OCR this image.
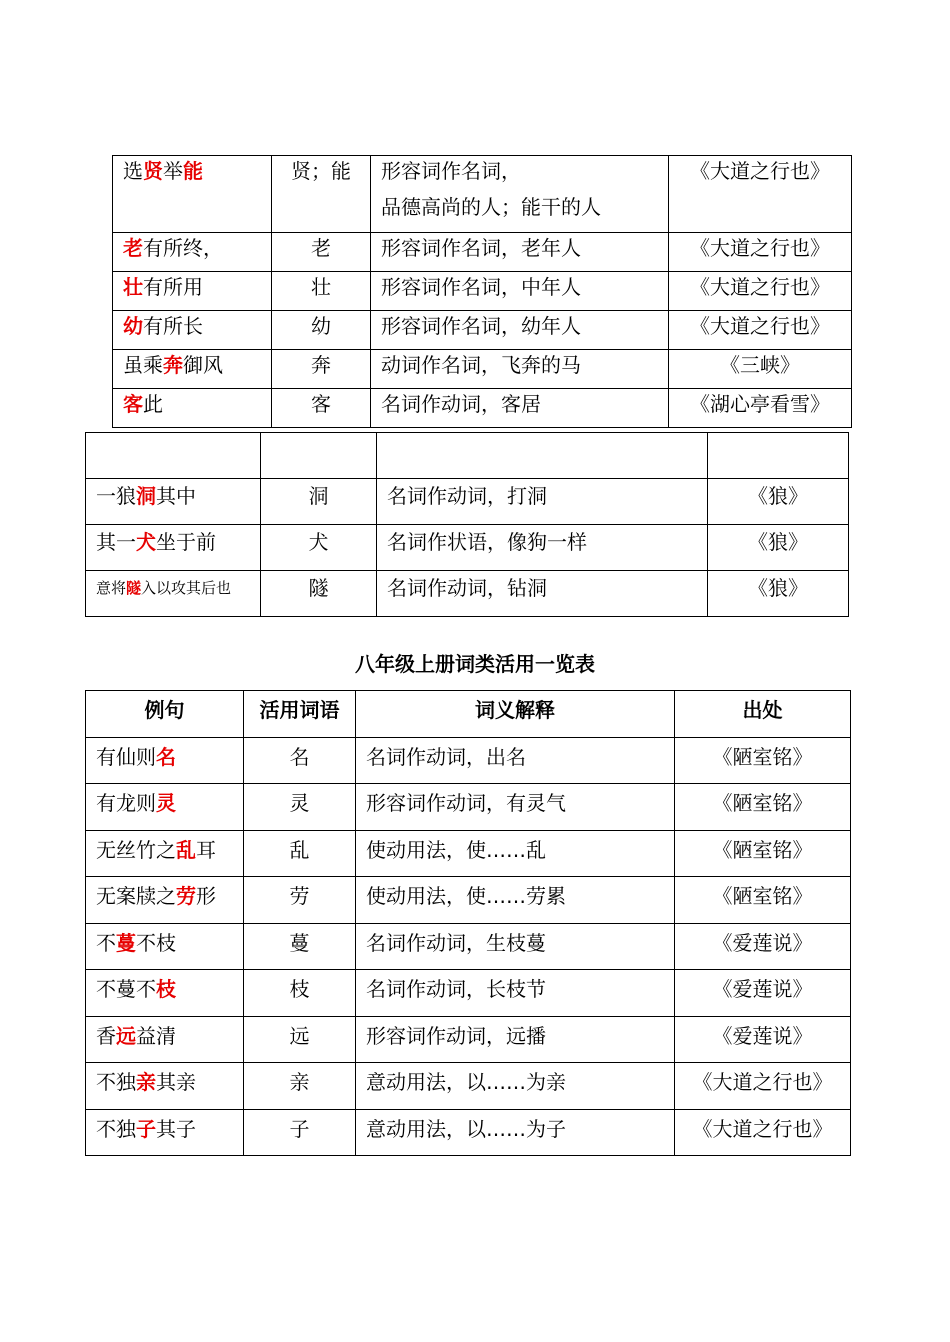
选贤举能	贤；能	形容词作名词，
品德高尚的人；能干的人	《大道之行也》
老有所终，	老	形容词作名词，老年人	《大道之行也》
壮有所用	壮	形容词作名词，中年人	《大道之行也》
幼有所长	幼	形容词作名词，幼年人	《大道之行也》
虽乘奔御风	奔	动词作名词，飞奔的马	《三峡》
客此	客	名词作动词，客居	《湖心亭看雪》

一狼洞其中	洞	名词作动词，打洞	《狼》
其一犬坐于前	犬	名词作状语，像狗一样	《狼》
意将隧入以攻其后也	隧	名词作动词，钻洞	《狼》
八年级上册词类活用一览表
例句	活用词语	词义解释	出处
有仙则名	名	名词作动词，出名	《陋室铭》
有龙则灵	灵	形容词作动词，有灵气	《陋室铭》
无丝竹之乱耳	乱	使动用法，使……乱	《陋室铭》
无案牍之劳形	劳	使动用法，使……劳累	《陋室铭》
不蔓不枝	蔓	名词作动词，生枝蔓	《爱莲说》
不蔓不枝	枝	名词作动词，长枝节	《爱莲说》
香远益清	远	形容词作动词，远播	《爱莲说》
不独亲其亲	亲	意动用法，以……为亲	《大道之行也》
不独子其子	子	意动用法，以……为子	《大道之行也》
